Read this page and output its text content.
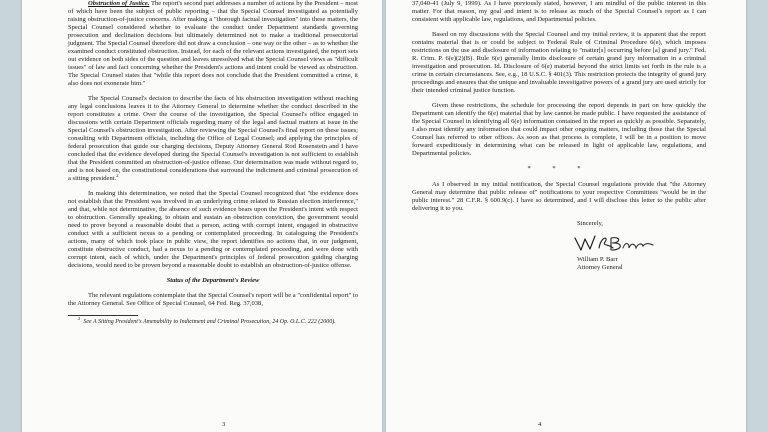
Obstruction of Justice. The report's second part addresses a number of actions by the President – most of which have been the subject of public reporting – that the Special Counsel investigated as potentially raising obstruction-of-justice concerns. After making a "thorough factual investigation" into these matters, the Special Counsel considered whether to evaluate the conduct under Department standards governing prosecution and declination decisions but ultimately determined not to make a traditional prosecutorial judgment. The Special Counsel therefore did not draw a conclusion – one way or the other – as to whether the examined conduct constituted obstruction. Instead, for each of the relevant actions investigated, the report sets out evidence on both sides of the question and leaves unresolved what the Special Counsel views as "difficult issues" of law and fact concerning whether the President's actions and intent could be viewed as obstruction. The Special Counsel states that "while this report does not conclude that the President committed a crime, it also does not exonerate him."

The Special Counsel's decision to describe the facts of his obstruction investigation without reaching any legal conclusions leaves it to the Attorney General to determine whether the conduct described in the report constitutes a crime. Over the course of the investigation, the Special Counsel's office engaged in discussions with certain Department officials regarding many of the legal and factual matters at issue in the Special Counsel's obstruction investigation. After reviewing the Special Counsel's final report on these issues; consulting with Department officials, including the Office of Legal Counsel; and applying the principles of federal prosecution that guide our charging decisions, Deputy Attorney General Rod Rosenstein and I have concluded that the evidence developed during the Special Counsel's investigation is not sufficient to establish that the President committed an obstruction-of-justice offense. Our determination was made without regard to, and is not based on, the constitutional considerations that surround the indictment and criminal prosecution of a sitting president.$^2$

In making this determination, we noted that the Special Counsel recognized that "the evidence does not establish that the President was involved in an underlying crime related to Russian election interference," and that, while not determinative, the absence of such evidence bears upon the President's intent with respect to obstruction. Generally speaking, to obtain and sustain an obstruction conviction, the government would need to prove beyond a reasonable doubt that a person, acting with corrupt intent, engaged in obstructive conduct with a sufficient nexus to a pending or contemplated proceeding. In cataloguing the President's actions, many of which took place in public view, the report identifies no actions that, in our judgment, constitute obstructive conduct, had a nexus to a pending or contemplated proceeding, and were done with corrupt intent, each of which, under the Department's principles of federal prosecution guiding charging decisions, would need to be proven beyond a reasonable doubt to establish an obstruction-of-justice offense.

Status of the Department's Review

The relevant regulations contemplate that the Special Counsel's report will be a "confidential report" to the Attorney General. See Office of Special Counsel, 64 Fed. Reg. 37,038,

$^2$  See A Sitting President's Amenability to Indictment and Criminal Prosecution, 24 Op. O.L.C. 222 (2000).

3

37,040-41 (July 9, 1999). As I have previously stated, however, I am mindful of the public interest in this matter. For that reason, my goal and intent is to release as much of the Special Counsel's report as I can consistent with applicable law, regulations, and Departmental policies.

Based on my discussions with the Special Counsel and my initial review, it is apparent that the report contains material that is or could be subject to Federal Rule of Criminal Procedure 6(e), which imposes restrictions on the use and disclosure of information relating to "matter[s] occurring before [a] grand jury." Fed. R. Crim. P. 6(e)(2)(B). Rule 6(e) generally limits disclosure of certain grand jury information in a criminal investigation and prosecution. Id. Disclosure of 6(e) material beyond the strict limits set forth in the rule is a crime in certain circumstances. See, e.g., 18 U.S.C. § 401(3). This restriction protects the integrity of grand jury proceedings and ensures that the unique and invaluable investigative powers of a grand jury are used strictly for their intended criminal justice function.

Given these restrictions, the schedule for processing the report depends in part on how quickly the Department can identify the 6(e) material that by law cannot be made public. I have requested the assistance of the Special Counsel in identifying all 6(e) information contained in the report as quickly as possible. Separately, I also must identify any information that could impact other ongoing matters, including those that the Special Counsel has referred to other offices. As soon as that process is complete, I will be in a position to move forward expeditiously in determining what can be released in light of applicable law, regulations, and Departmental policies.

* * *

As I observed in my initial notification, the Special Counsel regulations provide that "the Attorney General may determine that public release of" notifications to your respective Committees "would be in the public interest." 28 C.F.R. § 600.9(c). I have so determined, and I will disclose this letter to the public after delivering it to you.

Sincerely,
William P. Barr
Attorney General
4
